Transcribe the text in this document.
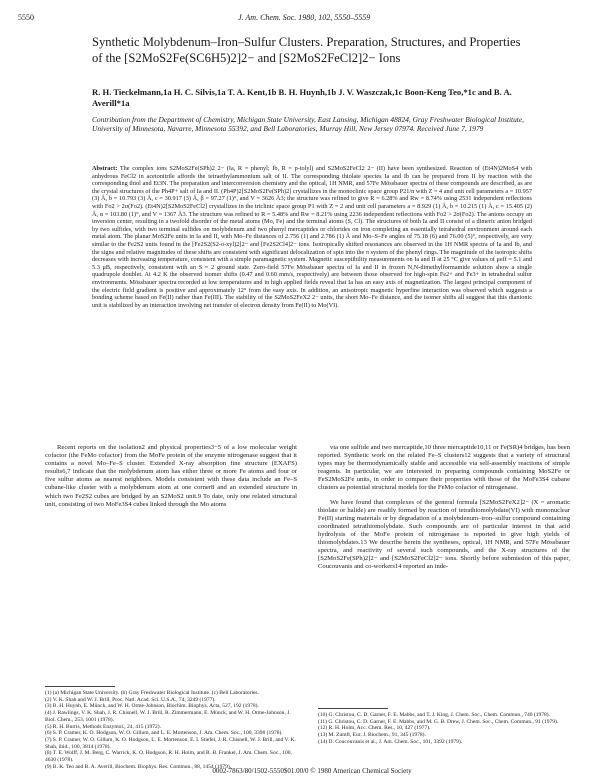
5550	J. Am. Chem. Soc. 1980, 102, 5550–5559
Synthetic Molybdenum–Iron–Sulfur Clusters. Preparation, Structures, and Properties of the [S2MoS2Fe(SC6H5)2]2− and [S2MoS2FeCl2]2− Ions
R. H. Tieckelmann,1a H. C. Silvis,1a T. A. Kent,1b B. H. Huynh,1b J. V. Waszczak,1c Boon-Keng Teo,*1c and B. A. Averill*1a
Contribution from the Department of Chemistry, Michigan State University, East Lansing, Michigan 48824, Gray Freshwater Biological Institute, University of Minnesota, Navarre, Minnesota 55392, and Bell Laboratories, Murray Hill, New Jersey 07974. Received June 7, 1979
Abstract: The complex ions S2MoS2Fe(SPh)2 2− (Ia, R = phenyl; Ib, R = p-tolyl) and S2MoS2FeCl2 2− (II) have been synthesized. Reaction of (Et4N)2MoS4 with anhydrous FeCl2 in acetonitrile affords the tetraethylammonium salt of II. The corresponding thiolate species Ia and Ib can be prepared from II by reaction with the corresponding thiol and Et3N. The preparation and interconversion chemistry and the optical, 1H NMR, and 57Fe Mössbauer spectra of these compounds are described, as are the crystal structures of the Ph4P+ salt of Ia and II. (Ph4P)2[S2MoS2Fe(SPh)2] crystallizes in the monoclinic space group P21/n with Z = 4 and unit cell parameters a = 10.957 (3) Å, b = 10.793 (3) Å, c = 30.917 (3) Å, β = 97.27 (1)°, and V = 3626 Å3; the structure was refined to give R = 6.28% and Rw = 8.74% using 2531 independent reflections with Fo2 > 2σ(Fo2). (Et4N)2[S2MoS2FeCl2] crystallizes in the triclinic space group P1 with Z = 2 and unit cell parameters a = 8.929 (1) Å, b = 10.215 (1) Å, c = 15.405 (2) Å, α = 103.80 (1)°, and V = 1367 Å3. The structure was refined to R = 5.48% and Rw = 8.21% using 2236 independent reflections with Fo2 > 2σ(Fo2). The anions occupy an inversion center, resulting in a twofold disorder of the metal atoms (Mo, Fe) and the terminal atoms (S, Cl). The structures of both Ia and II consist of a dimeric anion bridged by two sulfides, with two terminal sulfides on molybdenum and two phenyl mercaptides or chlorides on iron completing an essentially tetrahedral environment around each metal atom. The planar MoS2Fe units in Ia and II, with Mo–Fe distances of 2.756 (1) and 2.786 (1) Å and Mo–S–Fe angles of 75.18 (6) and 76.00 (5)°, respectively, are very similar to the Fe2S2 units found in the [Fe2S2(S2-o-xyl)2]2− and [Fe2S2Cl4]2− ions. Isotropically shifted resonances are observed in the 1H NMR spectra of Ia and Ib, and the signs and relative magnitudes of these shifts are consistent with significant delocalization of spin into the π system of the phenyl rings. The magnitude of the isotropic shifts decreases with increasing temperature, consistent with a simple paramagnetic system. Magnetic susceptibility measurements on Ia and II at 25 °C give values of μeff = 5.1 and 5.3 μB, respectively, consistent with an S = 2 ground state. Zero-field 57Fe Mössbauer spectra of Ia and II in frozen N,N-dimethylformamide solution show a single quadrupole doublet. At 4.2 K the observed isomer shifts (0.47 and 0.60 mm/s, respectively) are between those observed for high-spin Fe2+ and Fe3+ in tetrahedral sulfur environments. Mössbauer spectra recorded at low temperatures and in high applied fields reveal that Ia has an easy axis of magnetization. The largest principal component of the electric field gradient is positive and approximately 12° from the easy axis. In addition, an anisotropic magnetic hyperfine interaction was observed which suggests a bonding scheme based on Fe(II) rather than Fe(III). The stability of the S2MoS2FeX2 2− units, the short Mo–Fe distance, and the isomer shifts all suggest that this dianionic unit is stabilized by an interaction involving net transfer of electron density from Fe(II) to Mo(VI).
Recent reports on the isolation2 and physical properties3−5 of a low molecular weight cofactor (the FeMo cofactor) from the MoFe protein of the enzyme nitrogenase suggest that it contains a novel Mo–Fe–S cluster. Extended X-ray absorption fine structure (EXAFS) results6,7 indicate that the molybdenum atom has either three or more Fe atoms and four or five sulfur atoms as nearest neighbors. Models consistent with these data include an Fe–S cubane-like cluster with a molybdenum atom at one corner8 and an extended structure in which two Fe2S2 cubes are bridged by an S2MoS2 unit.9 To date, only one related structural unit, consisting of two MoFe3S4 cubes linked through the Mo atoms

via one sulfide and two mercaptide,10 three mercaptide10,11 or Fe(SR)4 bridges, has been reported. Synthetic work on the related Fe–S clusters12 suggests that a variety of structural types may be thermodynamically stable and accessible via self-assembly reactions of simple reagents. In particular, we are interested in preparing compounds containing MoS2Fe or FeS2MoS2Fe units, in order to compare their properties with those of the MoFe3S4 cubane clusters as potential structural models for the FeMo cofactor of nitrogenase.

We have found that complexes of the general formula [S2MoS2FeX2]2− (X = aromatic thiolate or halide) are readily formed by reaction of tetrathiomolybdate(VI) with mononuclear Fe(II) starting materials or by degradation of a molybdenum–iron–sulfur compound containing coordinated tetrathiomolybdate. Such compounds are of particular interest in that acid hydrolysis of the MoFe protein of nitrogenase is reported to give high yields of thiomolybdates.13 We describe herein the syntheses, optical, 1H NMR, and 57Fe Mössbauer spectra, and reactivity of several such compounds, and the X-ray structures of the [S2MoS2Fe(SPh)2]2− and [S2MoS2FeCl2]2− ions. Shortly before submission of this paper, Coucouvanis and co-workers14 reported an inde-

(1) (a) Michigan State University. (b) Gray Freshwater Biological Institute. (c) Bell Laboratories.
(2) V. K. Shah and W. J. Brill, Proc. Natl. Acad. Sci. U.S.A., 74, 3249 (1977).
(3) B. H. Huynh, E. Münck, and W. H. Orme-Johnson, Biochim. Biophys. Acta, 527, 192 (1978).
(4) J. Rawlings, V. K. Shah, J. R. Chisnell, W. J. Brill, R. Zimmermann, E. Münck, and W. H. Orme-Johnson, J. Biol. Chem., 253, 1001 (1978).
(5) R. H. Burris, Methods Enzymol., 24, 415 (1972).
(6) S. P. Cramer, K. O. Hodgson, W. O. Gillum, and L. E. Mortenson, J. Am. Chem. Soc., 100, 3398 (1978).
(7) S. P. Cramer, W. O. Gillum, K. O. Hodgson, L. E. Mortenson, E. I. Stiefel, J. R. Chisnell, W. J. Brill, and V. K. Shah, ibid., 100, 3814 (1978).
(8) T. E. Wolff, J. M. Berg, C. Warrick, K. O. Hodgson, R. H. Holm, and R. B. Frankel, J. Am. Chem. Soc., 100, 4630 (1978).
(9) B. K. Teo and B. A. Averill, Biochem. Biophys. Res. Commun., 88, 1454 (1979).
(10) G. Christou, C. D. Garner, F. E. Mabbs, and T. J. King, J. Chem. Soc., Chem. Commun., 740 (1978).
(11) G. Christou, C. D. Garner, F. E. Mabbs, and M. G. B. Drew, J. Chem. Soc., Chem. Commun., 91 (1979).
(12) R. H. Holm, Acc. Chem. Res., 10, 427 (1977).
(13) M. Zumft, Eur. J. Biochem., 91, 345 (1978).
(14) D. Coucouvanis et al., J. Am. Chem. Soc., 101, 3392 (1979).
0002-7863/80/1502-5550$01.00/0 © 1980 American Chemical Society
